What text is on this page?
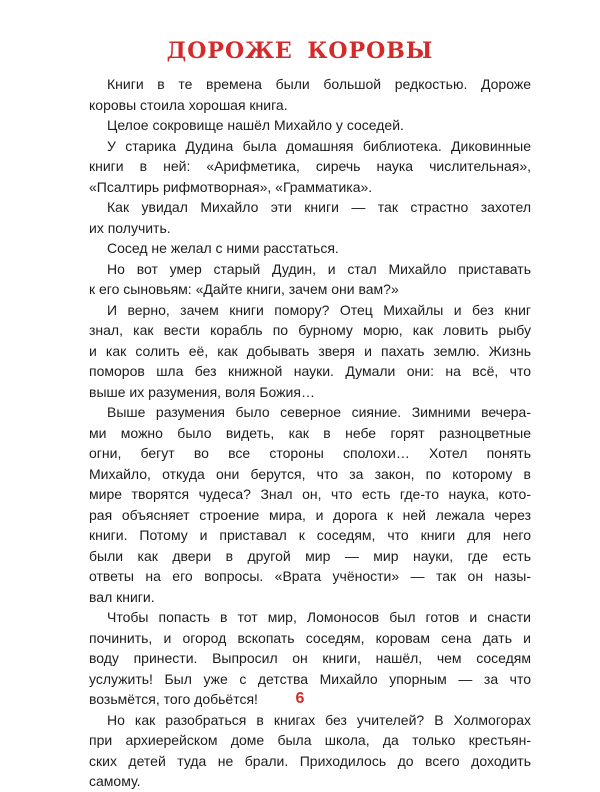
ДОРОЖЕ КОРОВЫ
Книги в те времена были большой редкостью. Дороже
коровы стоила хорошая книга.
Целое сокровище нашёл Михайло у соседей.
У старика Дудина была домашняя библиотека. Диковинные
книги в ней: «Арифметика, сиречь наука числительная»,
«Псалтирь рифмотворная», «Грамматика».
Как увидал Михайло эти книги — так страстно захотел
их получить.
Сосед не желал с ними расстаться.
Но вот умер старый Дудин, и стал Михайло приставать
к его сыновьям: «Дайте книги, зачем они вам?»
И верно, зачем книги помору? Отец Михайлы и без книг
знал, как вести корабль по бурному морю, как ловить рыбу
и как солить её, как добывать зверя и пахать землю. Жизнь
поморов шла без книжной науки. Думали они: на всё, что
выше их разумения, воля Божия…
Выше разумения было северное сияние. Зимними вечера-
ми можно было видеть, как в небе горят разноцветные
огни, бегут во все стороны сполохи… Хотел понять
Михайло, откуда они берутся, что за закон, по которому в
мире творятся чудеса? Знал он, что есть где-то наука, кото-
рая объясняет строение мира, и дорога к ней лежала через
книги. Потому и приставал к соседям, что книги для него
были как двери в другой мир — мир науки, где есть
ответы на его вопросы. «Врата учёности» — так он назы-
вал книги.
Чтобы попасть в тот мир, Ломоносов был готов и снасти
починить, и огород вскопать соседям, коровам сена дать и
воду принести. Выпросил он книги, нашёл, чем соседям
услужить! Был уже с детства Михайло упорным — за что
возьмётся, того добьётся!
Но как разобраться в книгах без учителей? В Холмогорах
при архиерейском доме была школа, да только крестьян-
ских детей туда не брали. Приходилось до всего доходить
самому.
6
